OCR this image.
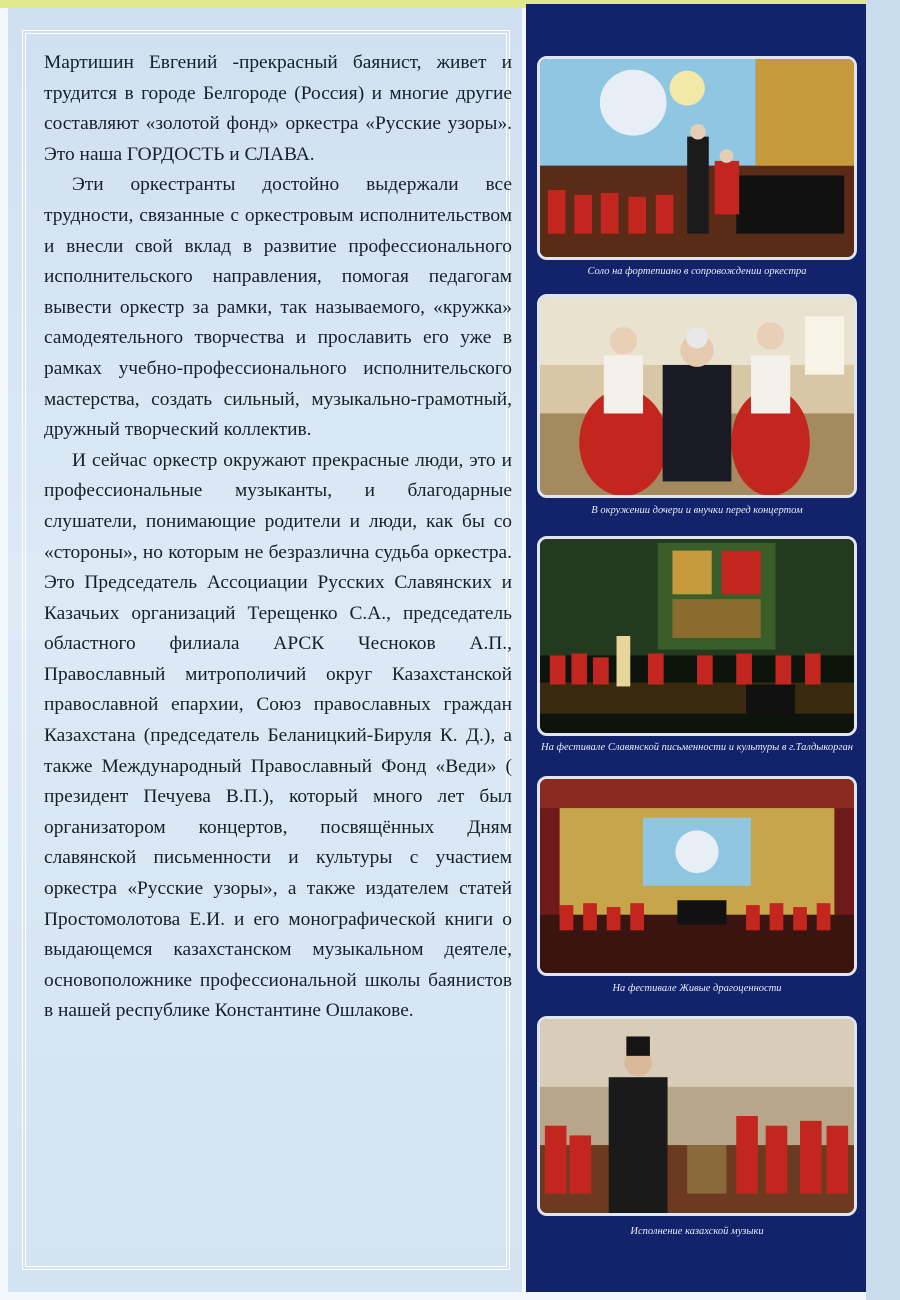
Мартишин Евгений -прекрасный баянист, живет и трудится в городе Белгороде (Россия) и многие другие составляют «золотой фонд» оркестра «Русские узоры». Это наша ГОРДОСТЬ и СЛАВА.

Эти оркестранты достойно выдержали все трудности, связанные с оркестровым исполнительством и внесли свой вклад в развитие профессионального исполнительского направления, помогая педагогам вывести оркестр за рамки, так называемого, «кружка» самодеятельного творчества и прославить его уже в рамках учебно-профессионального исполнительского мастерства, создать сильный, музыкально-грамотный, дружный творческий коллектив.

И сейчас оркестр окружают прекрасные люди, это и профессиональные музыканты, и благодарные слушатели, понимающие родители и люди, как бы со «стороны», но которым не безразлична судьба оркестра. Это Председатель Ассоциации Русских Славянских и Казачьих организаций Терещенко С.А., председатель областного филиала АРСК Чесноков А.П., Православный митрополичий округ Казахстанской православной епархии, Союз православных граждан Казахстана (председатель Беланицкий-Бируля К. Д.), а также Международный Православный Фонд «Веди» ( президент Печуева В.П.), который много лет был организатором концертов, посвящённых Дням славянской письменности и культуры с участием оркестра «Русские узоры», а также издателем статей Простомолотова Е.И. и его монографической книги о выдающемся казахстанском музыкальном деятеле, основоположнике профессиональной школы баянистов в нашей республике Константине Ошлакове.

Соло на фортепиано в сопровождении оркестра
В окружении дочери и внучки перед концертом
На фестивале Славянской письменности и культуры в г.Талдыкорган
На фестивале Живые драгоценности
Исполнение казахской музыки
